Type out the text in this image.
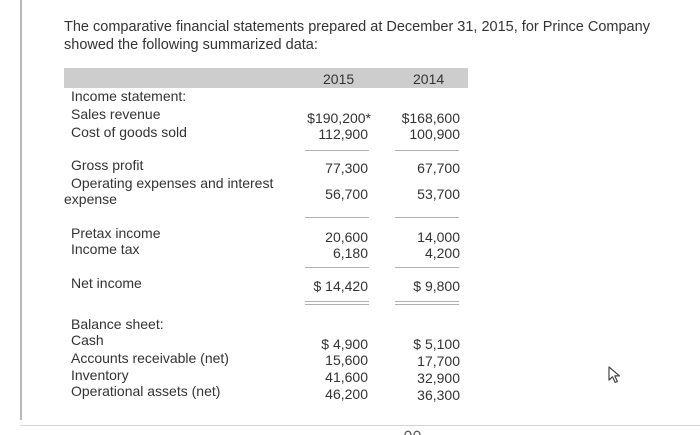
The comparative financial statements prepared at December 31, 2015, for Prince Company showed the following summarized data:
2015	2014
Income statement:
Sales revenue	$190,200* $168,600
Cost of goods sold	112,900	100,900
Gross profit	77,300	67,700
Operating expenses and interest
expense	56,700	53,700
Pretax income	20,600	14,000
Income tax	6,180	4,200
Net income	$ 14,420	$ 9,800
Balance sheet:
Cash	$ 4,900	$ 5,100
Accounts receivable (net)	15,600	17,700
Inventory	41,600	32,900
Operational assets (net)	46,200	36,300
